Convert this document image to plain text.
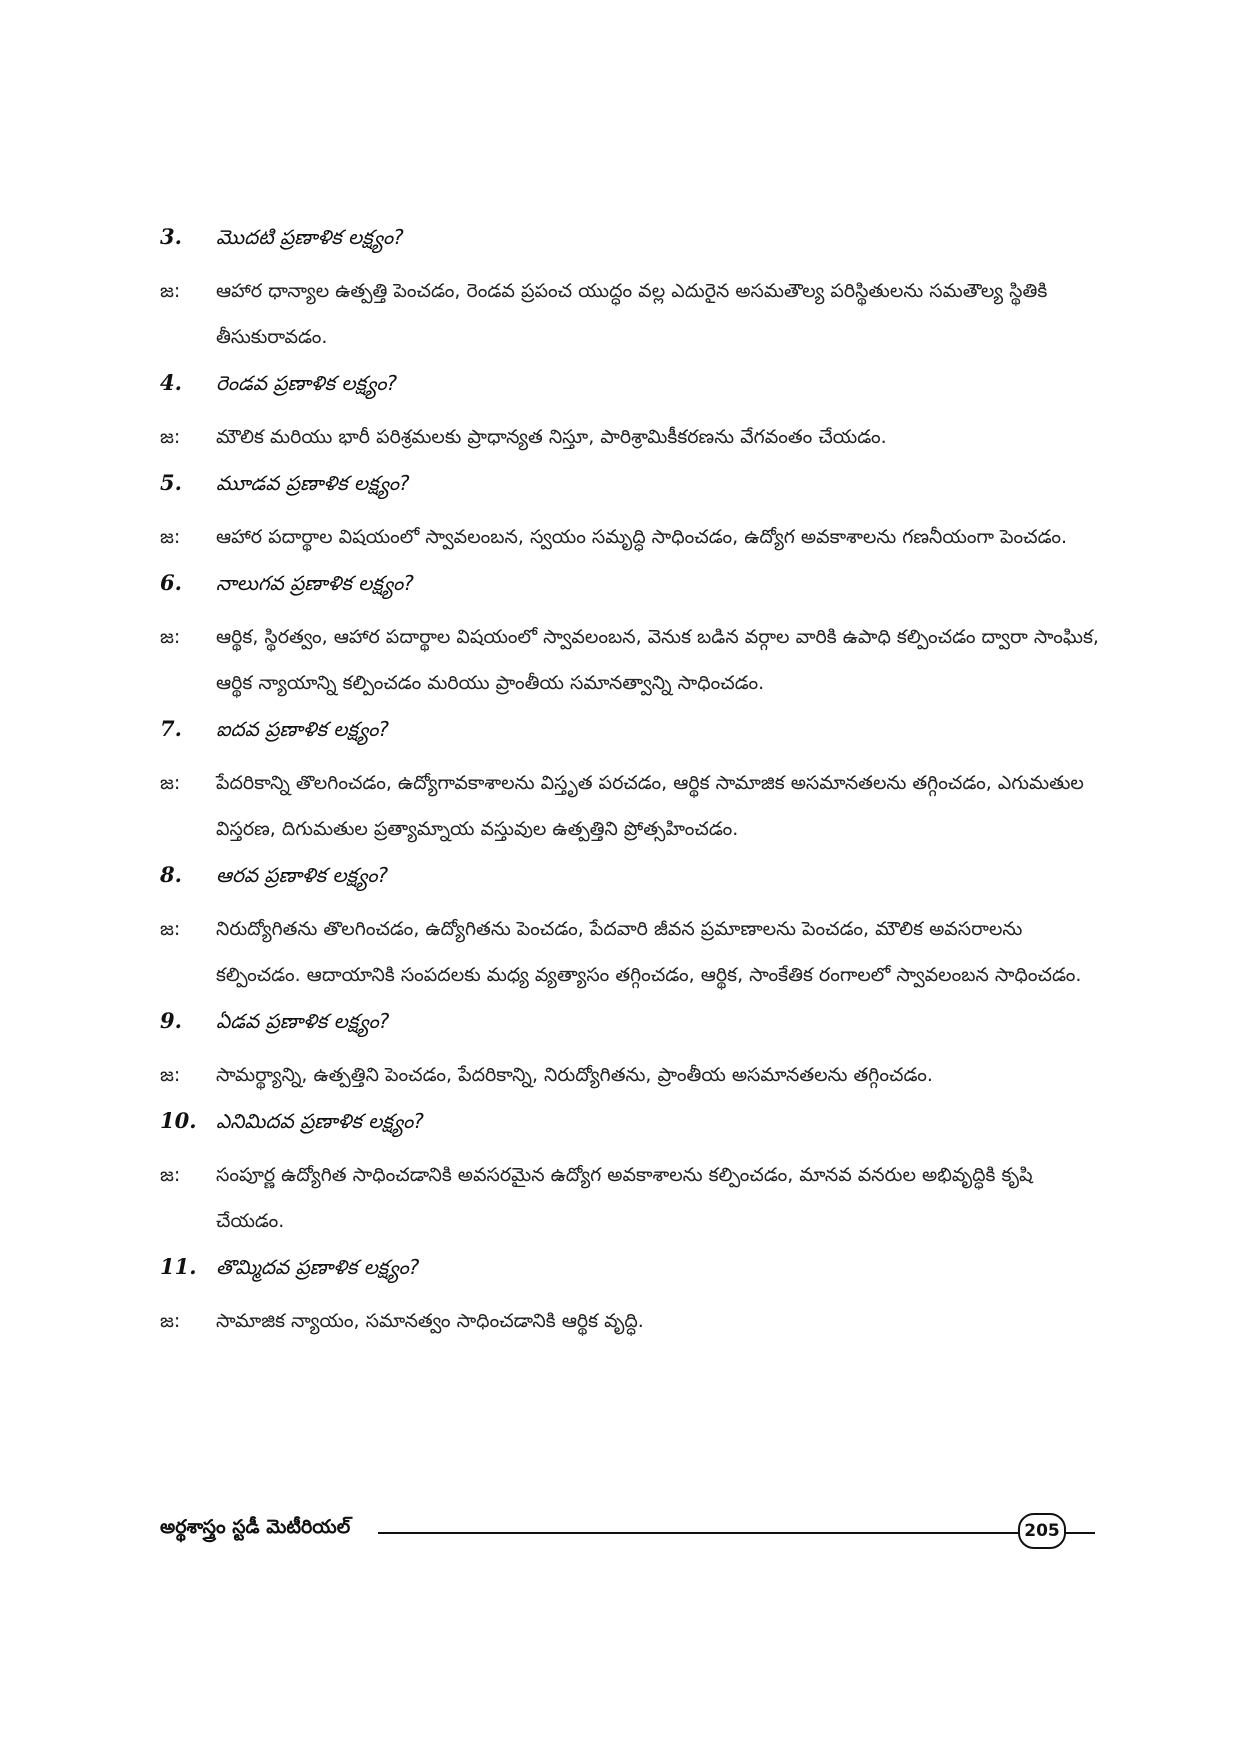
3.	మొదటి ప్రణాళిక లక్ష్యం?
జ:	ఆహార ధాన్యాల ఉత్పత్తి పెంచడం, రెండవ ప్రపంచ యుద్ధం వల్ల ఎదురైన అసమతౌల్య పరిస్థితులను సమతౌల్య స్థితికి తీసుకురావడం.
4.	రెండవ ప్రణాళిక లక్ష్యం?
జ:	మౌలిక మరియు భారీ పరిశ్రమలకు ప్రాధాన్యత నిస్తూ, పారిశ్రామికీకరణను వేగవంతం చేయడం.
5.	మూడవ ప్రణాళిక లక్ష్యం?
జ:	ఆహార పదార్థాల విషయంలో స్వావలంబన, స్వయం సమృద్ధి సాధించడం, ఉద్యోగ అవకాశాలను గణనీయంగా పెంచడం.
6.	నాలుగవ ప్రణాళిక లక్ష్యం?
జ:	ఆర్థిక, స్థిరత్వం, ఆహార పదార్థాల విషయంలో స్వావలంబన, వెనుక బడిన వర్గాల వారికి ఉపాధి కల్పించడం ద్వారా సాంఘిక, ఆర్థిక న్యాయాన్ని కల్పించడం మరియు ప్రాంతీయ సమానత్వాన్ని సాధించడం.
7.	ఐదవ ప్రణాళిక లక్ష్యం?
జ:	పేదరికాన్ని తొలగించడం, ఉద్యోగావకాశాలను విస్తృత పరచడం, ఆర్థిక సామాజిక అసమానతలను తగ్గించడం, ఎగుమతుల విస్తరణ, దిగుమతుల ప్రత్యామ్నాయ వస్తువుల ఉత్పత్తిని ప్రోత్సహించడం.
8.	ఆరవ ప్రణాళిక లక్ష్యం?
జ:	నిరుద్యోగితను తొలగించడం, ఉద్యోగితను పెంచడం, పేదవారి జీవన ప్రమాణాలను పెంచడం, మౌలిక అవసరాలను కల్పించడం. ఆదాయానికి సంపదలకు మధ్య వ్యత్యాసం తగ్గించడం, ఆర్థిక, సాంకేతిక రంగాలలో స్వావలంబన సాధించడం.
9.	ఏడవ ప్రణాళిక లక్ష్యం?
జ:	సామర్థ్యాన్ని, ఉత్పత్తిని పెంచడం, పేదరికాన్ని, నిరుద్యోగితను, ప్రాంతీయ అసమానతలను తగ్గించడం.
10. ఎనిమిదవ ప్రణాళిక లక్ష్యం?
జ:	సంపూర్ణ ఉద్యోగిత సాధించడానికి అవసరమైన ఉద్యోగ అవకాశాలను కల్పించడం, మానవ వనరుల అభివృద్ధికి కృషి చేయడం.
11. తొమ్మిదవ ప్రణాళిక లక్ష్యం?
జ:	సామాజిక న్యాయం, సమానత్వం సాధించడానికి ఆర్థిక వృద్ధి.
అర్థశాస్త్రం స్టడీ మెటీరియల్	205
